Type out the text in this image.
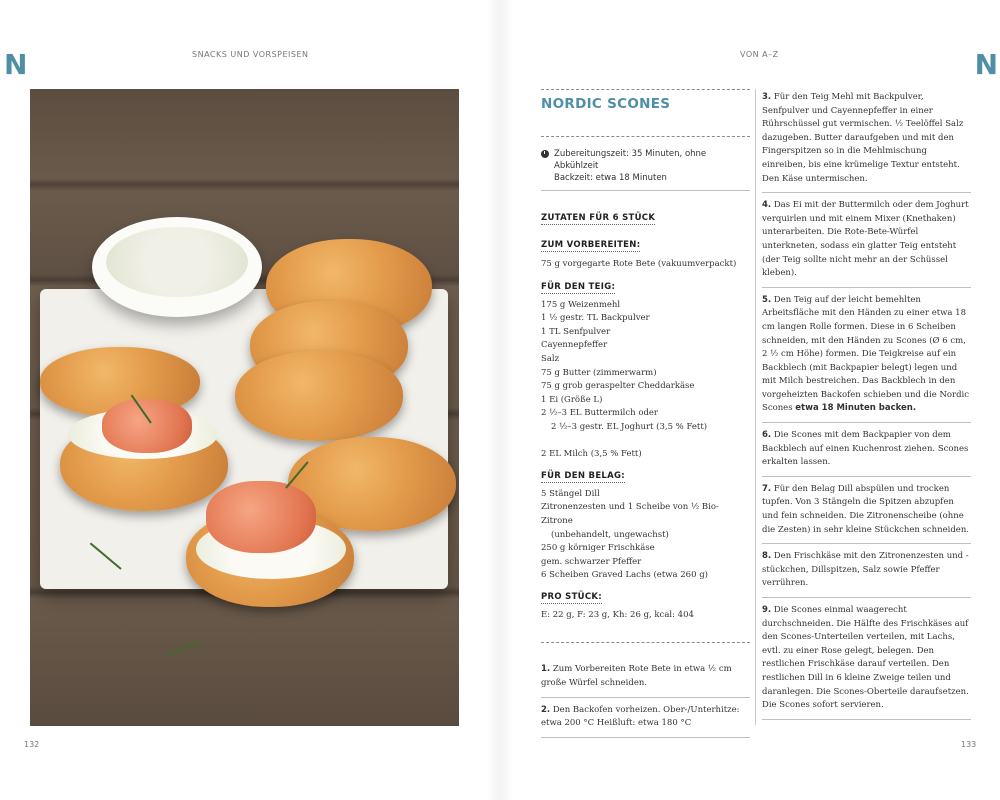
N	N
SNACKS UND VORSPEISEN	VON A–Z
132	133
NORDIC SCONES
Zubereitungszeit: 35 Minuten, ohne Abkühlzeit
Backzeit: etwa 18 Minuten
ZUTATEN FÜR 6 STÜCK
ZUM VORBEREITEN:
75 g vorgegarte Rote Bete (vakuumverpackt)
FÜR DEN TEIG:
175 g Weizenmehl
1 ½ gestr. TL Backpulver
1 TL Senfpulver
Cayennepfeffer
Salz
75 g Butter (zimmerwarm)
75 g grob geraspelter Cheddarkäse
1 Ei (Größe L)
2 ½–3 EL Buttermilch oder
2 ½–3 gestr. EL Joghurt (3,5 % Fett)
2 EL Milch (3,5 % Fett)
FÜR DEN BELAG:
5 Stängel Dill
Zitronenzesten und 1 Scheibe von ½ Bio-Zitrone
(unbehandelt, ungewachst)
250 g körniger Frischkäse
gem. schwarzer Pfeffer
6 Scheiben Graved Lachs (etwa 260 g)
PRO STÜCK:
E: 22 g, F: 23 g, Kh: 26 g, kcal: 404
1. Zum Vorbereiten Rote Bete in etwa ½ cm große Würfel schneiden.
2. Den Backofen vorheizen. Ober-/Unterhitze: etwa 200 °C Heißluft: etwa 180 °C
3. Für den Teig Mehl mit Backpulver, Senfpulver und Cayennepfeffer in einer Rührschüssel gut vermischen. ½ Teelöffel Salz dazugeben. Butter daraufgeben und mit den Fingerspitzen so in die Mehlmischung einreiben, bis eine krümelige Textur entsteht. Den Käse untermischen.
4. Das Ei mit der Buttermilch oder dem Joghurt verquirlen und mit einem Mixer (Knethaken) unterarbeiten. Die Rote-Bete-Würfel unterkneten, sodass ein glatter Teig entsteht (der Teig sollte nicht mehr an der Schüssel kleben).
5. Den Teig auf der leicht bemehlten Arbeitsfläche mit den Händen zu einer etwa 18 cm langen Rolle formen. Diese in 6 Scheiben schneiden, mit den Händen zu Scones (Ø 6 cm, 2 ½ cm Höhe) formen. Die Teigkreise auf ein Backblech (mit Backpapier belegt) legen und mit Milch bestreichen. Das Backblech in den vorgeheizten Backofen schieben und die Nordic Scones etwa 18 Minuten backen.
6. Die Scones mit dem Backpapier von dem Backblech auf einen Kuchenrost ziehen. Scones erkalten lassen.
7. Für den Belag Dill abspülen und trocken tupfen. Von 3 Stängeln die Spitzen abzupfen und fein schneiden. Die Zitronenscheibe (ohne die Zesten) in sehr kleine Stückchen schneiden.
8. Den Frischkäse mit den Zitronenzesten und -stückchen, Dillspitzen, Salz sowie Pfeffer verrühren.
9. Die Scones einmal waagerecht durchschneiden. Die Hälfte des Frischkäses auf den Scones-Unterteilen verteilen, mit Lachs, evtl. zu einer Rose gelegt, belegen. Den restlichen Frischkäse darauf verteilen. Den restlichen Dill in 6 kleine Zweige teilen und daranlegen. Die Scones-Oberteile daraufsetzen. Die Scones sofort servieren.
